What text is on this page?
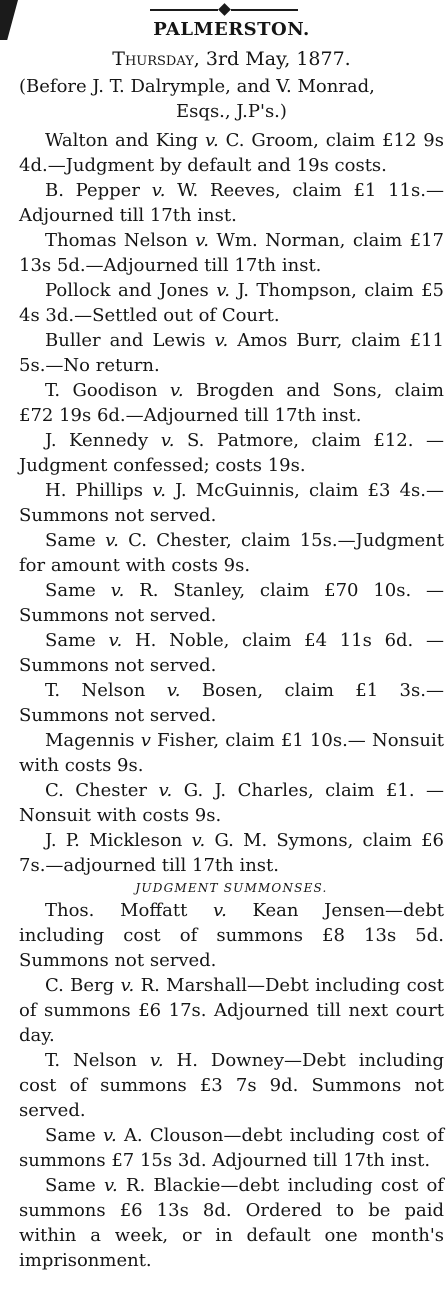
PALMERSTON.

Thursday, 3rd May, 1877.

(Before J. T. Dalrymple, and V. Monrad,
Esqs., J.P's.)
Walton and King v. C. Groom, claim £12 9s 4d.—Judgment by default and 19s costs.
B. Pepper v. W. Reeves, claim £1 11s.—Adjourned till 17th inst.
Thomas Nelson v. Wm. Norman, claim £17 13s 5d.—Adjourned till 17th inst.
Pollock and Jones v. J. Thompson, claim £5 4s 3d.—Settled out of Court.
Buller and Lewis v. Amos Burr, claim £11 5s.—No return.
T. Goodison v. Brogden and Sons, claim £72 19s 6d.—Adjourned till 17th inst.
J. Kennedy v. S. Patmore, claim £12. —Judgment confessed; costs 19s.
H. Phillips v. J. McGuinnis, claim £3 4s.—Summons not served.
Same v. C. Chester, claim 15s.—Judgment for amount with costs 9s.
Same v. R. Stanley, claim £70 10s. —Summons not served.
Same v. H. Noble, claim £4 11s 6d. —Summons not served.
T. Nelson v. Bosen, claim £1 3s.— Summons not served.
Magennis v Fisher, claim £1 10s.— Nonsuit with costs 9s.
C. Chester v. G. J. Charles, claim £1. —Nonsuit with costs 9s.
J. P. Mickleson v. G. M. Symons, claim £6 7s.—adjourned till 17th inst.
JUDGMENT SUMMONSES.
Thos. Moffatt v. Kean Jensen—debt including cost of summons £8 13s 5d. Summons not served.
C. Berg v. R. Marshall—Debt including cost of summons £6 17s. Adjourned till next court day.
T. Nelson v. H. Downey—Debt including cost of summons £3 7s 9d. Summons not served.
Same v. A. Clouson—debt including cost of summons £7 15s 3d. Adjourned till 17th inst.
Same v. R. Blackie—debt including cost of summons £6 13s 8d. Ordered to be paid within a week, or in default one month's imprisonment.
